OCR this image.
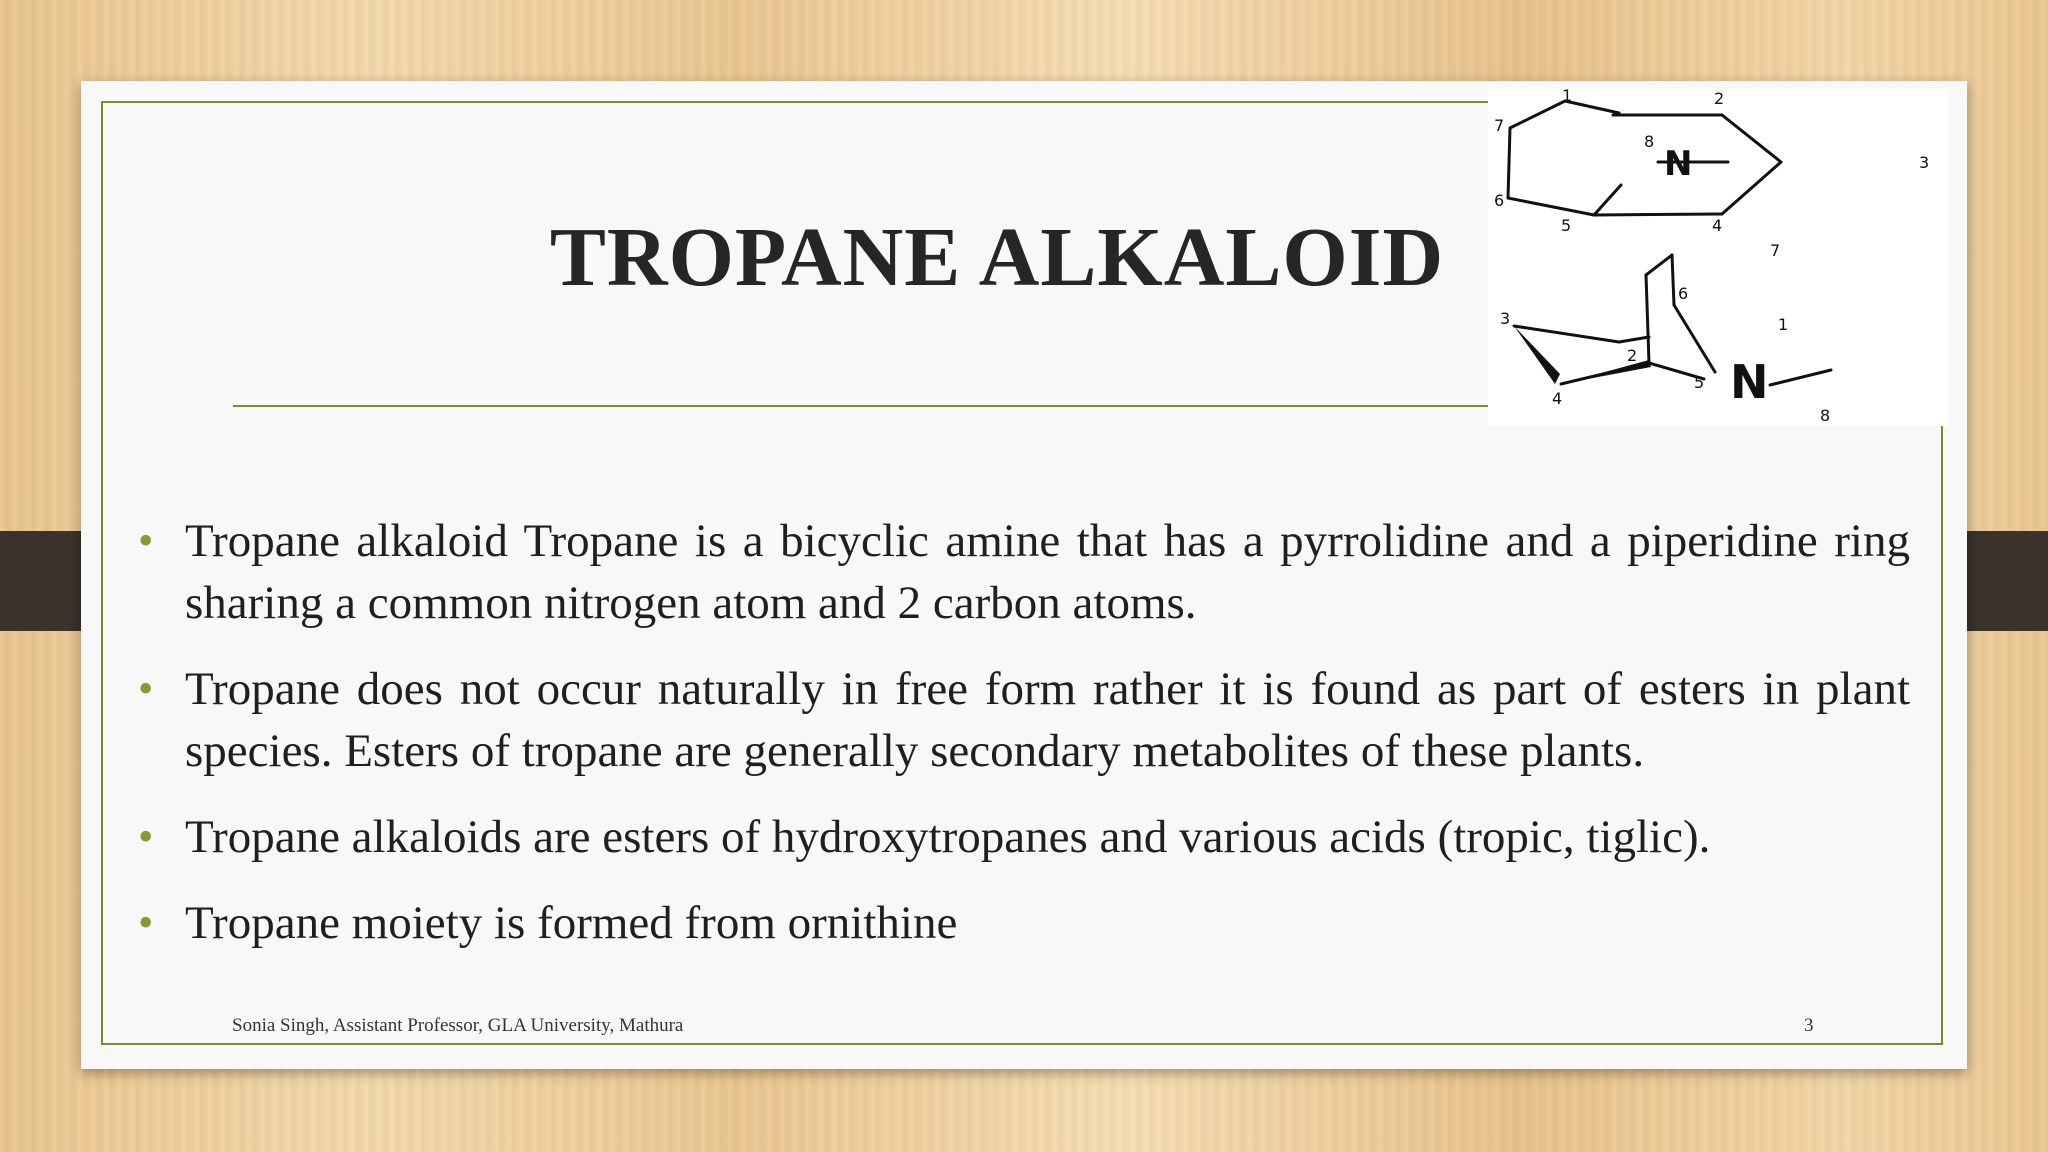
TROPANE ALKALOID
N
N
1	2
3
4
5
6
7
8
1
2
3
4
5
6
7
8
• Tropane alkaloid Tropane is a bicyclic amine that has a pyrrolidine and a piperidine ring sharing a common nitrogen atom and 2 carbon atoms.
• Tropane does not occur naturally in free form rather it is found as part of esters in plant species. Esters of tropane are generally secondary metabolites of these plants.
• Tropane alkaloids are esters of hydroxytropanes and various acids (tropic, tiglic).
• Tropane moiety is formed from ornithine
Sonia Singh, Assistant Professor, GLA University, Mathura	3
